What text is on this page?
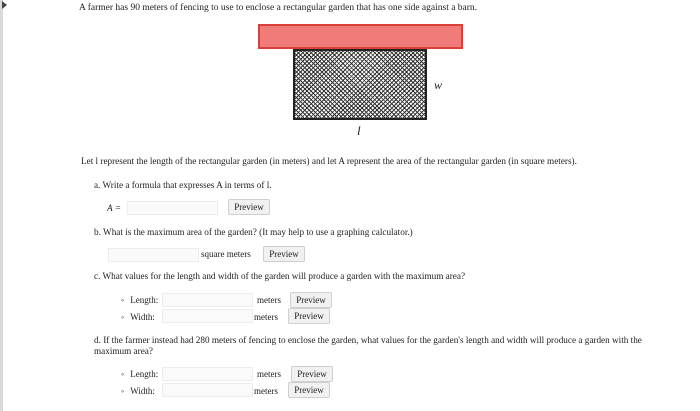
A farmer has 90 meters of fencing to use to enclose a rectangular garden that has one side against a barn.
w
l
Let l represent the length of the rectangular garden (in meters) and let A represent the area of the rectangular garden (in square meters).
a. Write a formula that expresses A in terms of l.
A =	Preview
b. What is the maximum area of the garden? (It may help to use a graphing calculator.)
square meters	Preview
c. What values for the length and width of the garden will produce a garden with the maximum area?
◦ Length:	meters	Preview
◦ Width:	meters	Preview
d. If the farmer instead had 280 meters of fencing to enclose the garden, what values for the garden's length and width will produce a garden with the maximum area?
◦ Length:	meters	Preview
◦ Width:	meters	Preview
